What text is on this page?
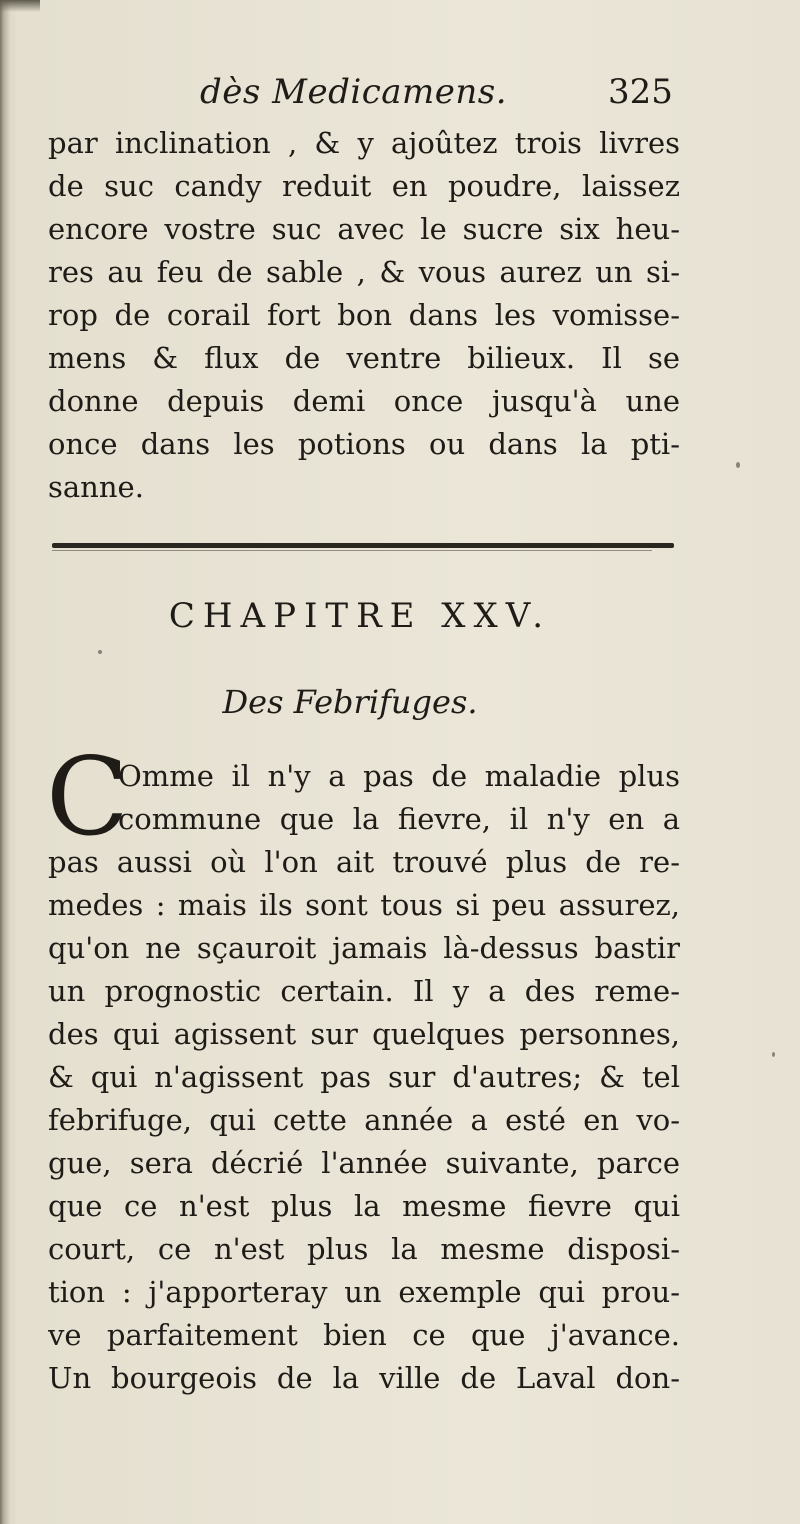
dès Medicamens.	325
par inclination , & y ajoûtez trois livres
de suc candy reduit en poudre, laissez
encore vostre suc avec le sucre six heu-
res au feu de sable , & vous aurez un si-
rop de corail fort bon dans les vomisse-
mens & flux de ventre bilieux. Il se
donne depuis demi once jusqu'à une
once dans les potions ou dans la pti-
sanne.
CHAPITRE XXV.
Des Febrifuges.
C
Omme il n'y a pas de maladie plus
commune que la fievre, il n'y en a
pas aussi où l'on ait trouvé plus de re-
medes : mais ils sont tous si peu assurez,
qu'on ne sçauroit jamais là-dessus bastir
un prognostic certain. Il y a des reme-
des qui agissent sur quelques personnes,
& qui n'agissent pas sur d'autres; & tel
febrifuge, qui cette année a esté en vo-
gue, sera décrié l'année suivante, parce
que ce n'est plus la mesme fievre qui
court, ce n'est plus la mesme disposi-
tion : j'apporteray un exemple qui prou-
ve parfaitement bien ce que j'avance.
Un bourgeois de la ville de Laval don-
